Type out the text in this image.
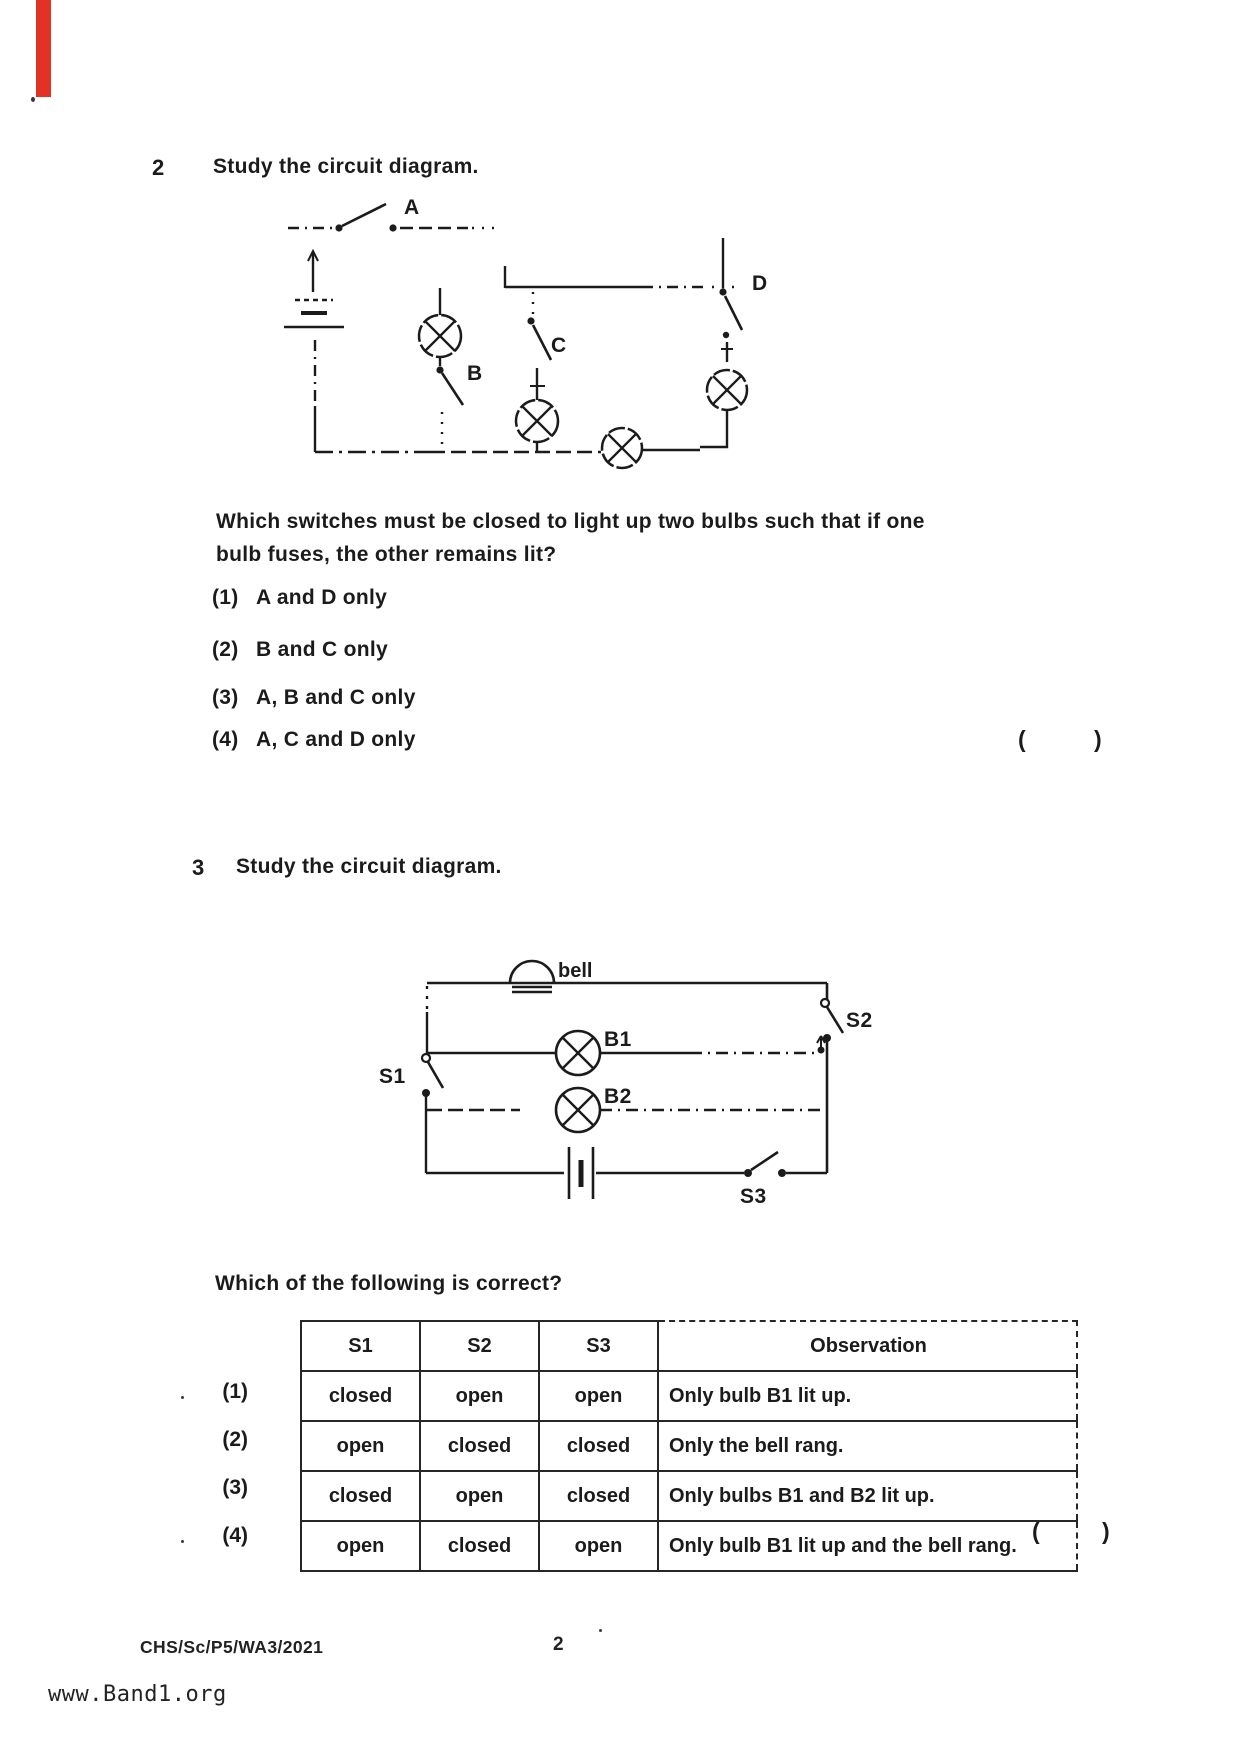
2 Study the circuit diagram.
A
B
C
D
Which switches must be closed to light up two bulbs such that if one
bulb fuses, the other remains lit?
(1) A and D only
(2) B and C only
(3) A, B and C only
(4) A, C and D only	(	)
3 Study the circuit diagram.
bell
S1
B1
B2
S2
S3
Which of the following is correct?
S1	S2	S3	Observation
closed	open	open	Only bulb B1 lit up.
open	closed	closed	Only the bell rang.
closed	open	closed	Only bulbs B1 and B2 lit up.
open	closed	open	Only bulb B1 lit up and the bell rang.
(1)
(2)
(3)
(4)	(	)
CHS/Sc/P5/WA3/2021	2
www.Band1.org
